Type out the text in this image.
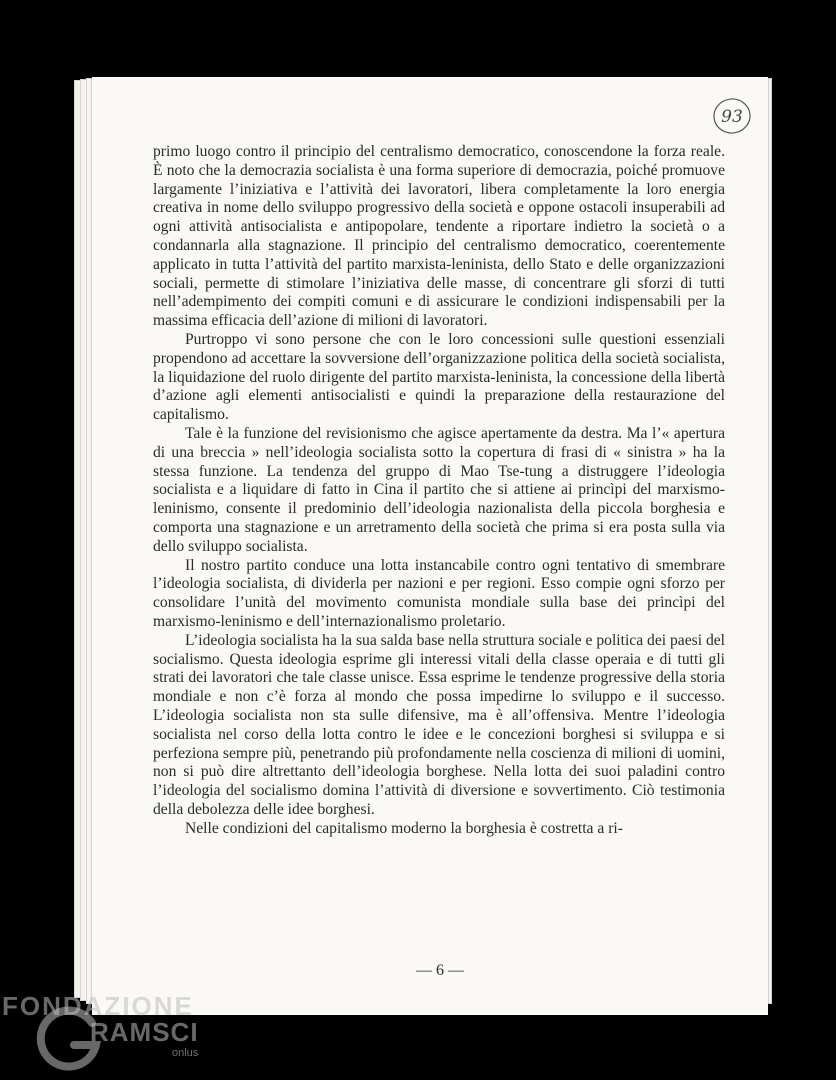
93

primo luogo contro il principio del centralismo democratico, conoscendone la forza reale. È noto che la democrazia socialista è una forma superiore di democrazia, poiché promuove largamente l’iniziativa e l’attività dei lavoratori, libera completamente la loro energia creativa in nome dello sviluppo progressivo della società e oppone ostacoli insuperabili ad ogni attività antisocialista e antipopolare, tendente a riportare indietro la società o a condannarla alla stagnazione. Il principio del centralismo democratico, coerentemente applicato in tutta l’attività del partito marxista-leninista, dello Stato e delle organizzazioni sociali, permette di stimolare l’iniziativa delle masse, di concentrare gli sforzi di tutti nell’adempimento dei compiti comuni e di assicurare le condizioni indispensabili per la massima efficacia dell’azione di milioni di lavoratori.

Purtroppo vi sono persone che con le loro concessioni sulle questioni essenziali propendono ad accettare la sovversione dell’organizzazione politica della società socialista, la liquidazione del ruolo dirigente del partito marxista-leninista, la concessione della libertà d’azione agli elementi antisocialisti e quindi la preparazione della restaurazione del capitalismo.

Tale è la funzione del revisionismo che agisce apertamente da destra. Ma l’« apertura di una breccia » nell’ideologia socialista sotto la copertura di frasi di « sinistra » ha la stessa funzione. La tendenza del gruppo di Mao Tse-tung a distruggere l’ideologia socialista e a liquidare di fatto in Cina il partito che si attiene ai princìpi del marxismo-leninismo, consente il predominio dell’ideologia nazionalista della piccola borghesia e comporta una stagnazione e un arretramento della società che prima si era posta sulla via dello sviluppo socialista.

Il nostro partito conduce una lotta instancabile contro ogni tentativo di smembrare l’ideologia socialista, di dividerla per nazioni e per regioni. Esso compie ogni sforzo per consolidare l’unità del movimento comunista mondiale sulla base dei princìpi del marxismo-leninismo e dell’internazionalismo proletario.

L’ideologia socialista ha la sua salda base nella struttura sociale e politica dei paesi del socialismo. Questa ideologia esprime gli interessi vitali della classe operaia e di tutti gli strati dei lavoratori che tale classe unisce. Essa esprime le tendenze progressive della storia mondiale e non c’è forza al mondo che possa impedirne lo sviluppo e il successo. L’ideologia socialista non sta sulle difensive, ma è all’offensiva. Mentre l’ideologia socialista nel corso della lotta contro le idee e le concezioni borghesi si sviluppa e si perfeziona sempre più, penetrando più profondamente nella coscienza di milioni di uomini, non si può dire altrettanto dell’ideologia borghese. Nella lotta dei suoi paladini contro l’ideologia del socialismo domina l’attività di diversione e sovvertimento. Ciò testimonia della debolezza delle idee borghesi.

Nelle condizioni del capitalismo moderno la borghesia è costretta a ri-

— 6 —
FONDAZIONE
RAMSCI
onlus
